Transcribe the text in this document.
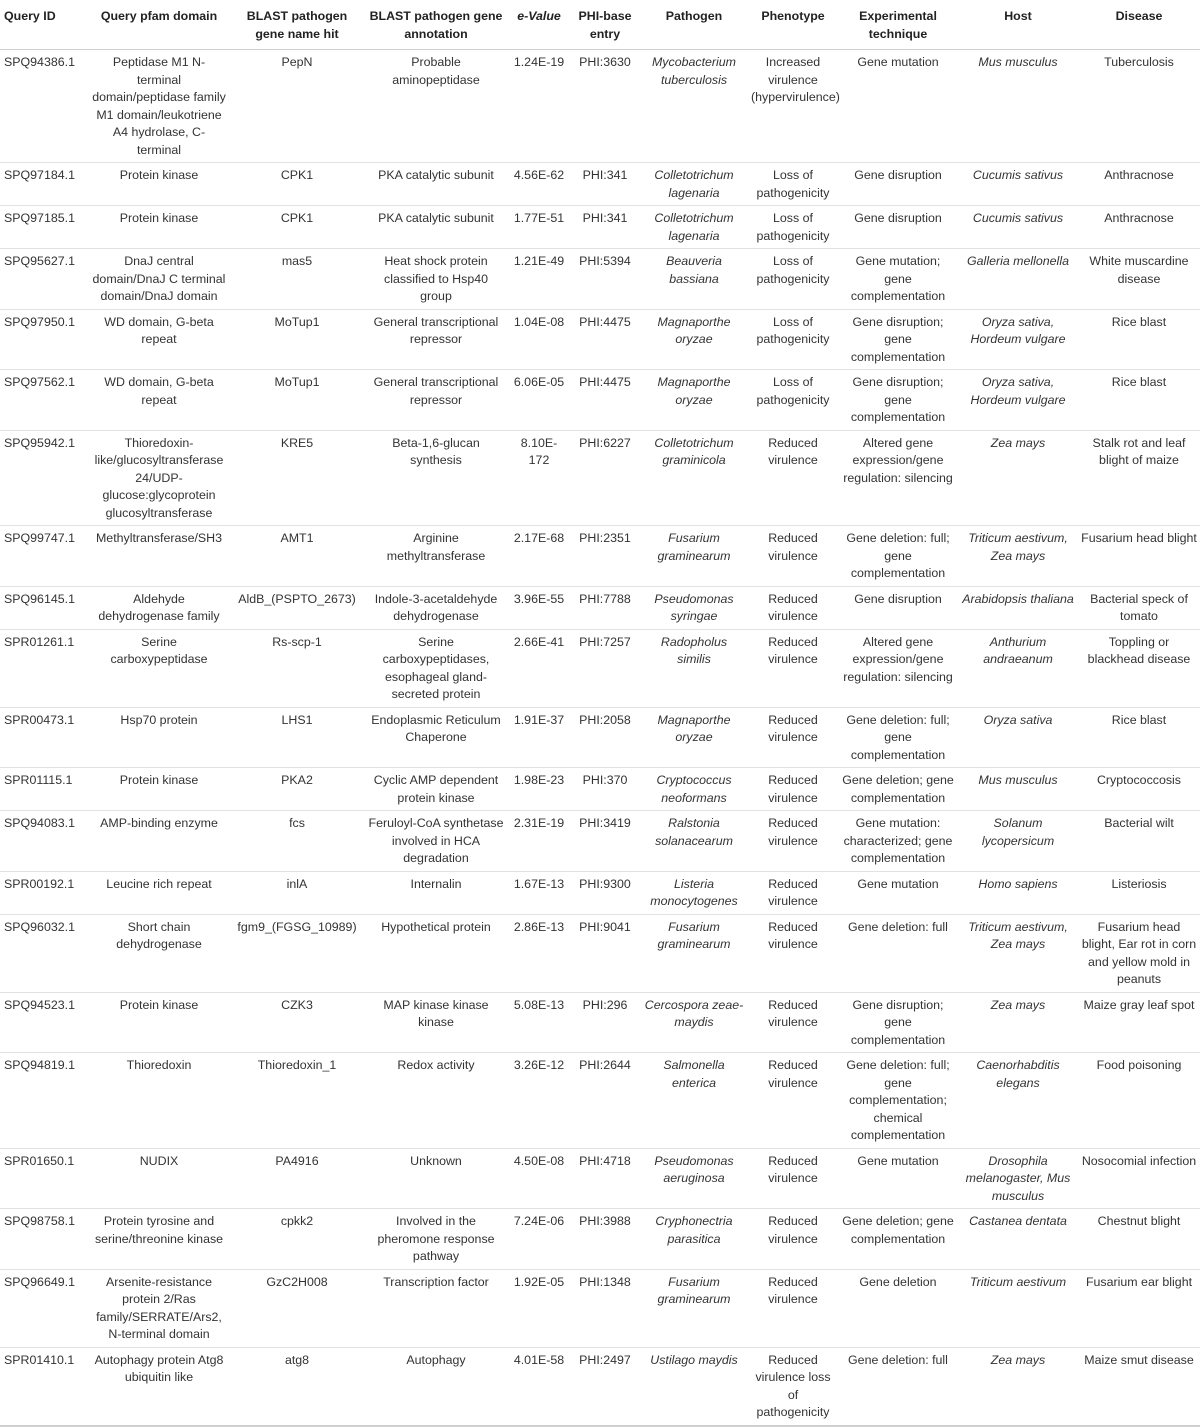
Query ID	Query pfam domain	BLAST pathogen gene name hit	BLAST pathogen gene annotation	e-Value	PHI-base entry	Pathogen	Phenotype	Experimental technique	Host	Disease
SPQ94386.1	Peptidase M1 N-terminal domain/peptidase family M1 domain/leukotriene A4 hydrolase, C-terminal	PepN	Probable aminopeptidase	1.24E-19	PHI:3630	Mycobacterium tuberculosis	Increased virulence (hypervirulence)	Gene mutation	Mus musculus	Tuberculosis
SPQ97184.1	Protein kinase	CPK1	PKA catalytic subunit	4.56E-62	PHI:341	Colletotrichum lagenaria	Loss of pathogenicity	Gene disruption	Cucumis sativus	Anthracnose
SPQ97185.1	Protein kinase	CPK1	PKA catalytic subunit	1.77E-51	PHI:341	Colletotrichum lagenaria	Loss of pathogenicity	Gene disruption	Cucumis sativus	Anthracnose
SPQ95627.1	DnaJ central domain/DnaJ C terminal domain/DnaJ domain	mas5	Heat shock protein classified to Hsp40 group	1.21E-49	PHI:5394	Beauveria bassiana	Loss of pathogenicity	Gene mutation; gene complementation	Galleria mellonella	White muscardine disease
SPQ97950.1	WD domain, G-beta repeat	MoTup1	General transcriptional repressor	1.04E-08	PHI:4475	Magnaporthe oryzae	Loss of pathogenicity	Gene disruption; gene complementation	Oryza sativa, Hordeum vulgare	Rice blast
SPQ97562.1	WD domain, G-beta repeat	MoTup1	General transcriptional repressor	6.06E-05	PHI:4475	Magnaporthe oryzae	Loss of pathogenicity	Gene disruption; gene complementation	Oryza sativa, Hordeum vulgare	Rice blast
SPQ95942.1	Thioredoxin-like/glucosyltransferase 24/UDP-glucose:glycoprotein glucosyltransferase	KRE5	Beta-1,6-glucan synthesis	8.10E-172	PHI:6227	Colletotrichum graminicola	Reduced virulence	Altered gene expression/gene regulation: silencing	Zea mays	Stalk rot and leaf blight of maize
SPQ99747.1	Methyltransferase/SH3	AMT1	Arginine methyltransferase	2.17E-68	PHI:2351	Fusarium graminearum	Reduced virulence	Gene deletion: full; gene complementation	Triticum aestivum, Zea mays	Fusarium head blight
SPQ96145.1	Aldehyde dehydrogenase family	AldB_(PSPTO_2673)	Indole-3-acetaldehyde dehydrogenase	3.96E-55	PHI:7788	Pseudomonas syringae	Reduced virulence	Gene disruption	Arabidopsis thaliana	Bacterial speck of tomato
SPR01261.1	Serine carboxypeptidase	Rs-scp-1	Serine carboxypeptidases, esophageal gland-secreted protein	2.66E-41	PHI:7257	Radopholus similis	Reduced virulence	Altered gene expression/gene regulation: silencing	Anthurium andraeanum	Toppling or blackhead disease
SPR00473.1	Hsp70 protein	LHS1	Endoplasmic Reticulum Chaperone	1.91E-37	PHI:2058	Magnaporthe oryzae	Reduced virulence	Gene deletion: full; gene complementation	Oryza sativa	Rice blast
SPR01115.1	Protein kinase	PKA2	Cyclic AMP dependent protein kinase	1.98E-23	PHI:370	Cryptococcus neoformans	Reduced virulence	Gene deletion; gene complementation	Mus musculus	Cryptococcosis
SPQ94083.1	AMP-binding enzyme	fcs	Feruloyl-CoA synthetase involved in HCA degradation	2.31E-19	PHI:3419	Ralstonia solanacearum	Reduced virulence	Gene mutation: characterized; gene complementation	Solanum lycopersicum	Bacterial wilt
SPR00192.1	Leucine rich repeat	inlA	Internalin	1.67E-13	PHI:9300	Listeria monocytogenes	Reduced virulence	Gene mutation	Homo sapiens	Listeriosis
SPQ96032.1	Short chain dehydrogenase	fgm9_(FGSG_10989)	Hypothetical protein	2.86E-13	PHI:9041	Fusarium graminearum	Reduced virulence	Gene deletion: full	Triticum aestivum, Zea mays	Fusarium head blight, Ear rot in corn and yellow mold in peanuts
SPQ94523.1	Protein kinase	CZK3	MAP kinase kinase kinase	5.08E-13	PHI:296	Cercospora zeae-maydis	Reduced virulence	Gene disruption; gene complementation	Zea mays	Maize gray leaf spot
SPQ94819.1	Thioredoxin	Thioredoxin_1	Redox activity	3.26E-12	PHI:2644	Salmonella enterica	Reduced virulence	Gene deletion: full; gene complementation; chemical complementation	Caenorhabditis elegans	Food poisoning
SPR01650.1	NUDIX	PA4916	Unknown	4.50E-08	PHI:4718	Pseudomonas aeruginosa	Reduced virulence	Gene mutation	Drosophila melanogaster, Mus musculus	Nosocomial infection
SPQ98758.1	Protein tyrosine and serine/threonine kinase	cpkk2	Involved in the pheromone response pathway	7.24E-06	PHI:3988	Cryphonectria parasitica	Reduced virulence	Gene deletion; gene complementation	Castanea dentata	Chestnut blight
SPQ96649.1	Arsenite-resistance protein 2/Ras family/SERRATE/Ars2, N-terminal domain	GzC2H008	Transcription factor	1.92E-05	PHI:1348	Fusarium graminearum	Reduced virulence	Gene deletion	Triticum aestivum	Fusarium ear blight
SPR01410.1	Autophagy protein Atg8 ubiquitin like	atg8	Autophagy	4.01E-58	PHI:2497	Ustilago maydis	Reduced virulence loss of pathogenicity	Gene deletion: full	Zea mays	Maize smut disease
